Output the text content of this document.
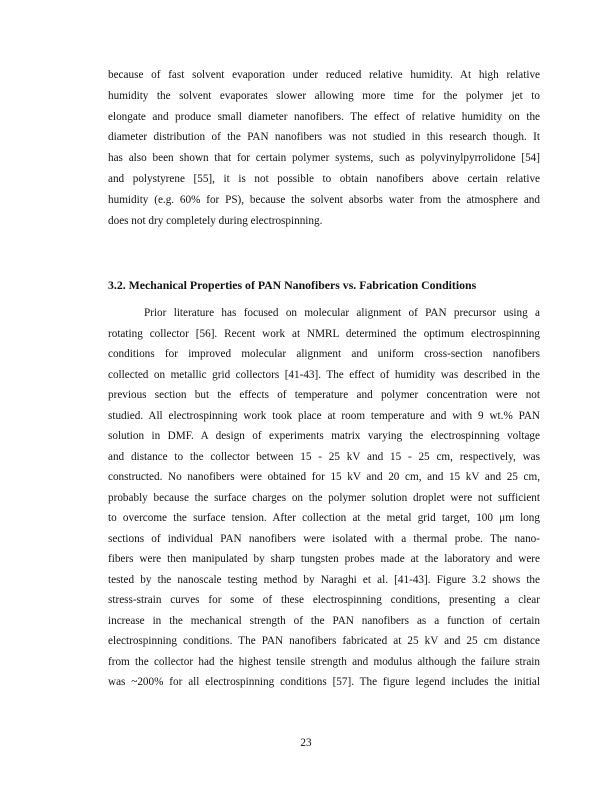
because of fast solvent evaporation under reduced relative humidity. At high relative
humidity the solvent evaporates slower allowing more time for the polymer jet to
elongate and produce small diameter nanofibers. The effect of relative humidity on the
diameter distribution of the PAN nanofibers was not studied in this research though. It
has also been shown that for certain polymer systems, such as polyvinylpyrrolidone [54]
and polystyrene [55], it is not possible to obtain nanofibers above certain relative
humidity (e.g. 60% for PS), because the solvent absorbs water from the atmosphere and
does not dry completely during electrospinning.
3.2. Mechanical Properties of PAN Nanofibers vs. Fabrication Conditions
Prior literature has focused on molecular alignment of PAN precursor using a
rotating collector [56]. Recent work at NMRL determined the optimum electrospinning
conditions for improved molecular alignment and uniform cross-section nanofibers
collected on metallic grid collectors [41-43]. The effect of humidity was described in the
previous section but the effects of temperature and polymer concentration were not
studied. All electrospinning work took place at room temperature and with 9 wt.% PAN
solution in DMF. A design of experiments matrix varying the electrospinning voltage
and distance to the collector between 15 - 25 kV and 15 - 25 cm, respectively, was
constructed. No nanofibers were obtained for 15 kV and 20 cm, and 15 kV and 25 cm,
probably because the surface charges on the polymer solution droplet were not sufficient
to overcome the surface tension. After collection at the metal grid target, 100 μm long
sections of individual PAN nanofibers were isolated with a thermal probe. The nano-
fibers were then manipulated by sharp tungsten probes made at the laboratory and were
tested by the nanoscale testing method by Naraghi et al. [41-43]. Figure 3.2 shows the
stress-strain curves for some of these electrospinning conditions, presenting a clear
increase in the mechanical strength of the PAN nanofibers as a function of certain
electrospinning conditions. The PAN nanofibers fabricated at 25 kV and 25 cm distance
from the collector had the highest tensile strength and modulus although the failure strain
was ~200% for all electrospinning conditions [57]. The figure legend includes the initial
23
